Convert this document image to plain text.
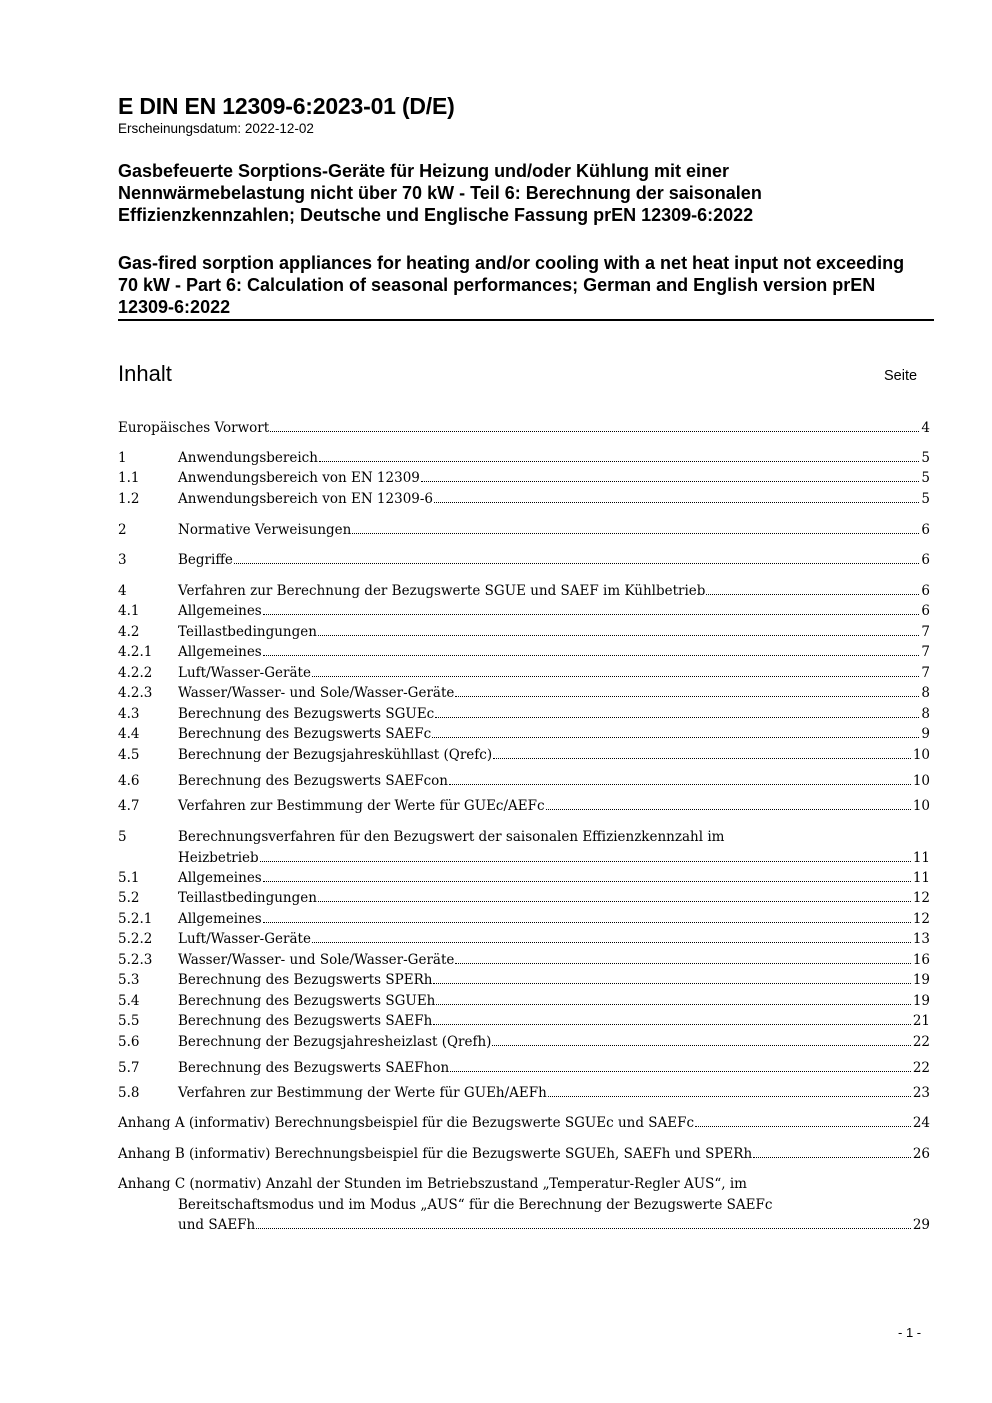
E DIN EN 12309-6:2023-01 (D/E)
Erscheinungsdatum: 2022-12-02
Gasbefeuerte Sorptions-Geräte für Heizung und/oder Kühlung mit einer Nennwärmebelastung nicht über 70 kW - Teil 6: Berechnung der saisonalen Effizienzkennzahlen; Deutsche und Englische Fassung prEN 12309-6:2022
Gas-fired sorption appliances for heating and/or cooling with a net heat input not exceeding 70 kW - Part 6: Calculation of seasonal performances; German and English version prEN 12309-6:2022
Inhalt	Seite
Europäisches Vorwort	4
1	Anwendungsbereich	5
1.1	Anwendungsbereich von EN 12309	5
1.2	Anwendungsbereich von EN 12309-6	5
2	Normative Verweisungen	6
3	Begriffe	6
4	Verfahren zur Berechnung der Bezugswerte SGUE und SAEF im Kühlbetrieb	6
4.1	Allgemeines	6
4.2	Teillastbedingungen	7
4.2.1	Allgemeines	7
4.2.2	Luft/Wasser-Geräte	7
4.2.3	Wasser/Wasser- und Sole/Wasser-Geräte	8
4.3	Berechnung des Bezugswerts SGUEc	8
4.4	Berechnung des Bezugswerts SAEFc	9
4.5	Berechnung der Bezugsjahreskühllast (Qrefc)	10
4.6	Berechnung des Bezugswerts SAEFcon	10
4.7	Verfahren zur Bestimmung der Werte für GUEc/AEFc	10
5	Berechnungsverfahren für den Bezugswert der saisonalen Effizienzkennzahl im
Heizbetrieb	11
5.1	Allgemeines	11
5.2	Teillastbedingungen	12
5.2.1	Allgemeines	12
5.2.2	Luft/Wasser-Geräte	13
5.2.3	Wasser/Wasser- und Sole/Wasser-Geräte	16
5.3	Berechnung des Bezugswerts SPERh	19
5.4	Berechnung des Bezugswerts SGUEh	19
5.5	Berechnung des Bezugswerts SAEFh	21
5.6	Berechnung der Bezugsjahresheizlast (Qrefh)	22
5.7	Berechnung des Bezugswerts SAEFhon	22
5.8	Verfahren zur Bestimmung der Werte für GUEh/AEFh	23
Anhang A (informativ) Berechnungsbeispiel für die Bezugswerte SGUEc und SAEFc	24
Anhang B (informativ) Berechnungsbeispiel für die Bezugswerte SGUEh, SAEFh und SPERh	26
Anhang C (normativ) Anzahl der Stunden im Betriebszustand „Temperatur-Regler AUS“, im
Bereitschaftsmodus und im Modus „AUS“ für die Berechnung der Bezugswerte SAEFc
und SAEFh	29
- 1 -
